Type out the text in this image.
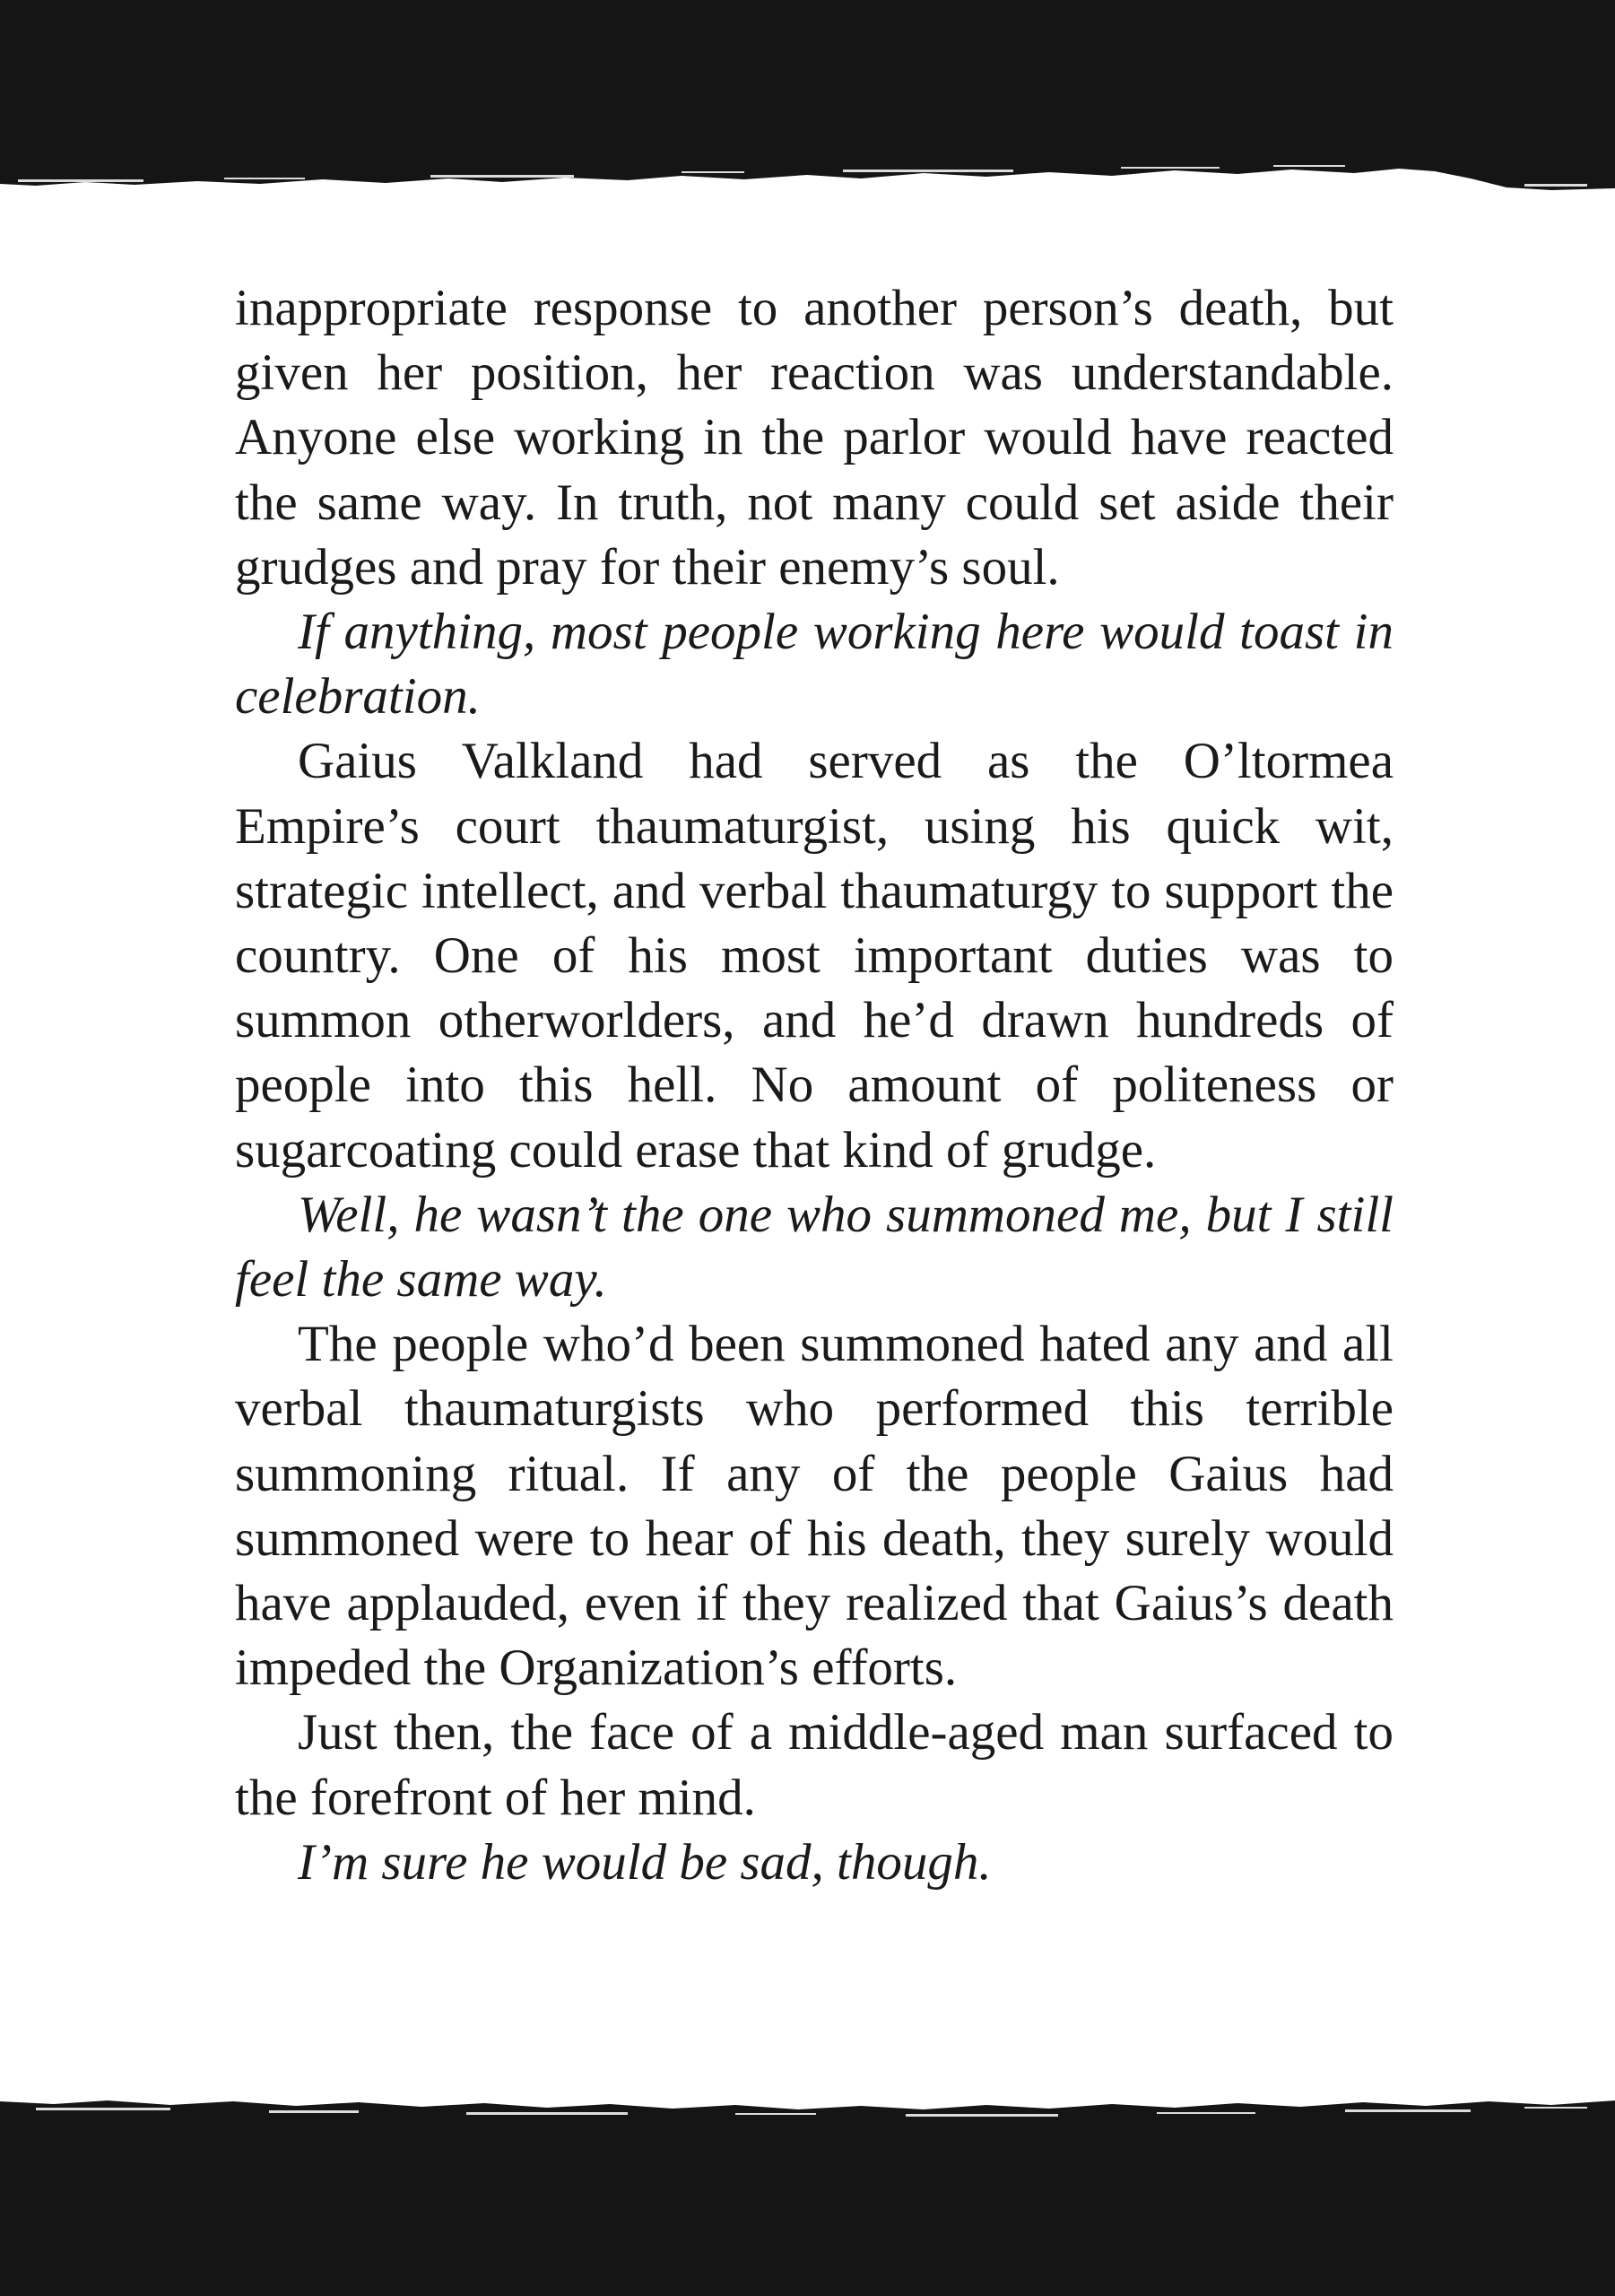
inappropriate response to another person’s death, but given her position, her reaction was understandable. Anyone else working in the parlor would have reacted the same way. In truth, not many could set aside their grudges and pray for their enemy’s soul.

If anything, most people working here would toast in celebration.

Gaius Valkland had served as the O’ltormea Empire’s court thaumaturgist, using his quick wit, strategic intellect, and verbal thaumaturgy to support the country. One of his most important duties was to summon otherworlders, and he’d drawn hundreds of people into this hell. No amount of politeness or sugarcoating could erase that kind of grudge.

Well, he wasn’t the one who summoned me, but I still feel the same way.

The people who’d been summoned hated any and all verbal thaumaturgists who performed this terrible summoning ritual. If any of the people Gaius had summoned were to hear of his death, they surely would have applauded, even if they realized that Gaius’s death impeded the Organization’s efforts.

Just then, the face of a middle-aged man surfaced to the forefront of her mind.

I’m sure he would be sad, though.
